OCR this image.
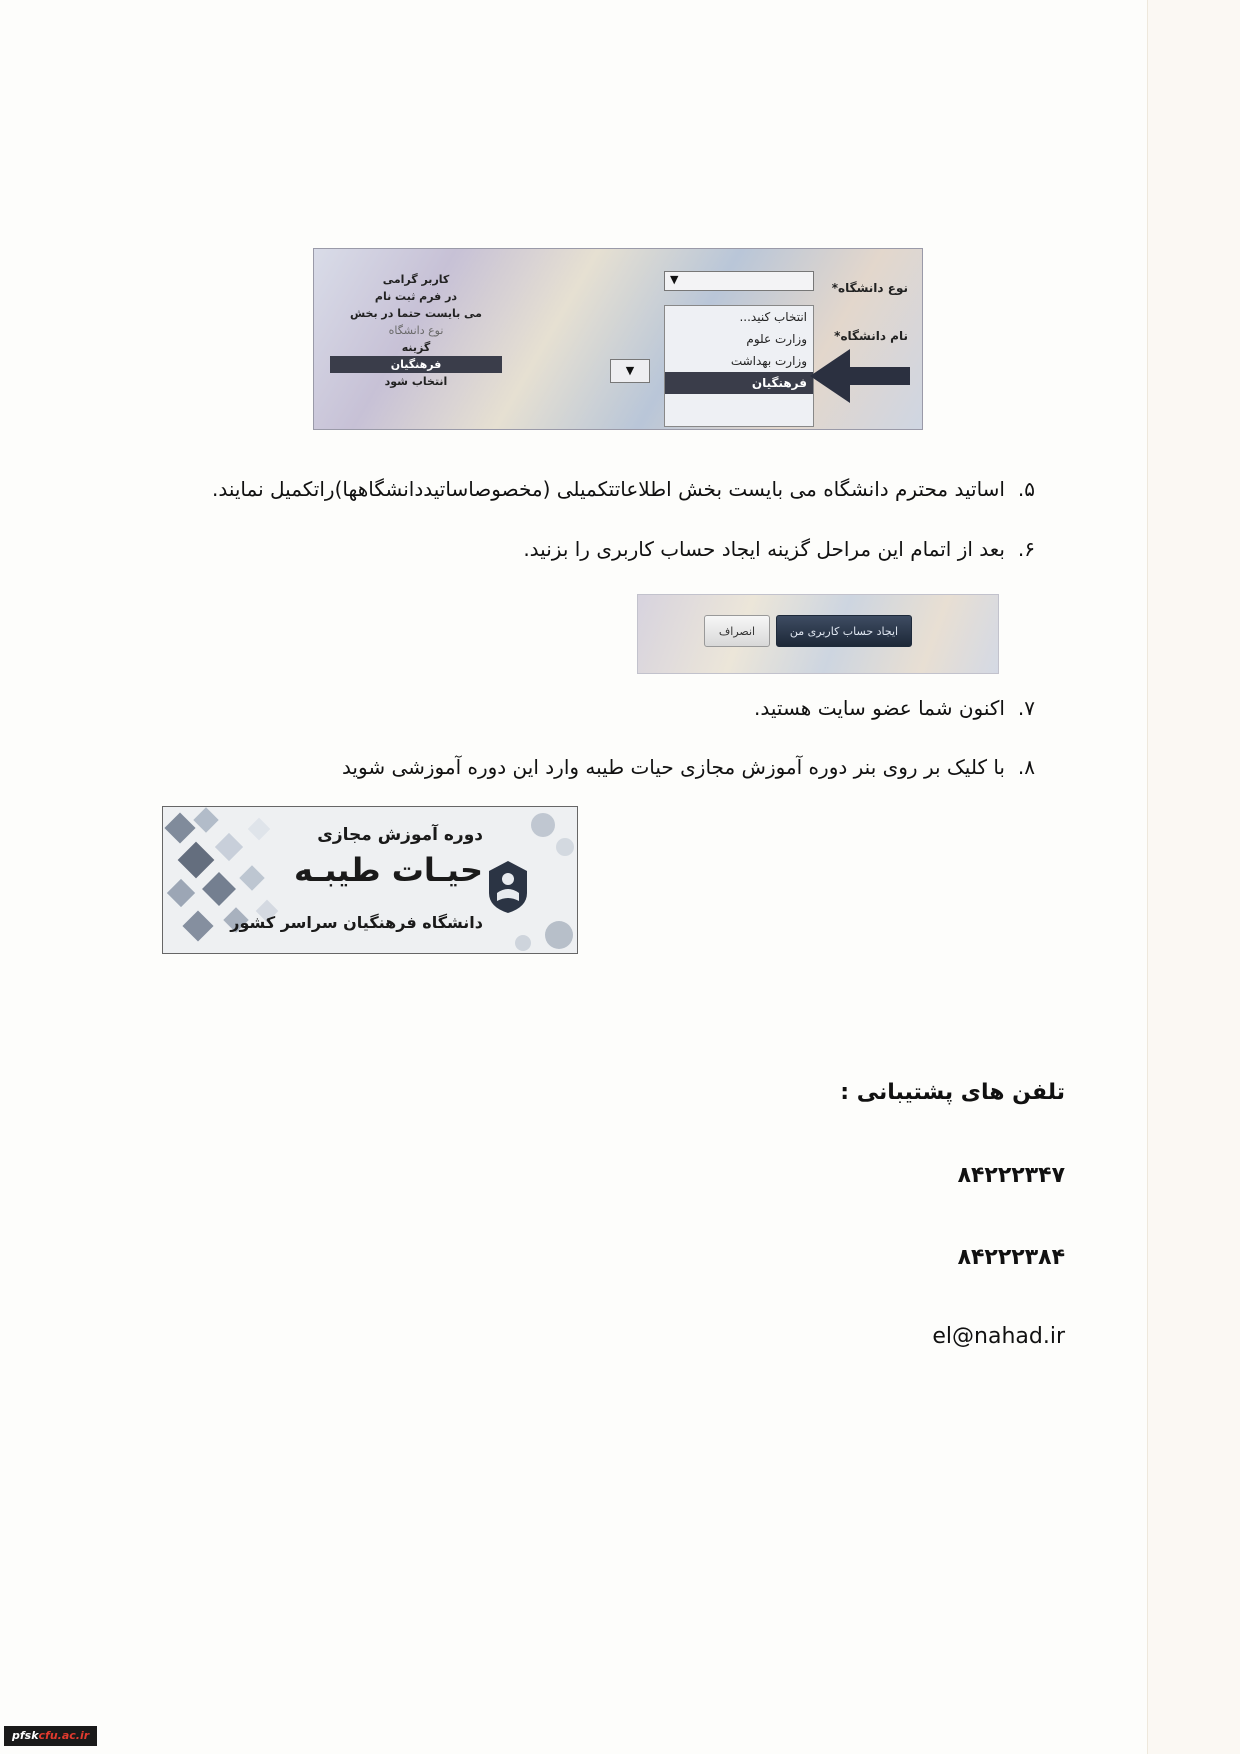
نوع دانشگاه*
▼
نام دانشگاه*
انتخاب کنید...
وزارت علوم
وزارت بهداشت
فرهنگیان
▼
کاربر گرامی
در فرم ثبت نام
می بایست حتما در بخش
نوع دانشگاه
گزینه
فرهنگیان
انتخاب شود
۵.اساتید محترم دانشگاه می بایست بخش اطلاعاتتکمیلی (مخصوصاساتیددانشگاهها)راتکمیل نمایند.
۶.بعد از اتمام این مراحل گزینه ایجاد حساب کاربری را بزنید.
ایجاد حساب کاربری من
انصراف
۷.اکنون شما عضو سایت هستید.
۸.با کلیک بر روی بنر دوره آموزش مجازی حیات طیبه وارد این دوره آموزشی شوید
دوره آموزش مجازی
حیـات طیبـه
دانشگاه فرهنگیان سراسر کشور
تلفن های پشتیبانی :
۸۴۲۲۲۳۴۷
۸۴۲۲۲۳۸۴
el@nahad.ir
pfskcfu.ac.ir
